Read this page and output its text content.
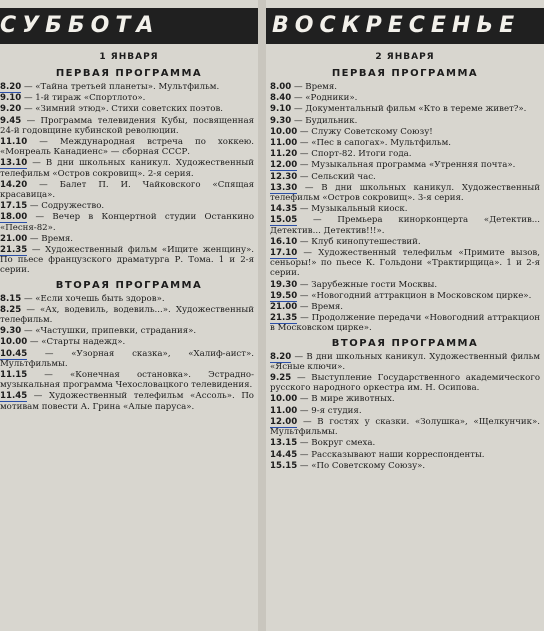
СУББОТА
1 ЯНВАРЯ
ПЕРВАЯ ПРОГРАММА
8.20 — «Тайна третьей планеты». Мультфильм.
9.10 — 1-й тираж «Спортлото».
9.20 — «Зимний этюд». Стихи советских поэтов.
9.45 — Программа телевидения Кубы, посвященная 24-й годовщине кубинской революции.
11.10 — Международная встреча по хоккею. «Монреаль Канадиенс» — сборная СССР.
13.10 — В дни школьных каникул. Художественный телефильм «Остров сокровищ». 2-я серия.
14.20 — Балет П. И. Чайковского «Спящая красавица».
17.15 — Содружество.
18.00 — Вечер в Концертной студии Останкино «Песня-82».
21.00 — Время.
21.35 — Художественный фильм «Ищите женщину». По пьесе французского драматурга Р. Тома. 1 и 2-я серии.
ВТОРАЯ ПРОГРАММА
8.15 — «Если хочешь быть здоров».
8.25 — «Ах, водевиль, водевиль...». Художественный телефильм.
9.30 — «Частушки, припевки, страдания».
10.00 — «Старты надежд».
10.45 — «Узорная сказка», «Халиф-аист». Мультфильмы.
11.15 — «Конечная остановка». Эстрадно-музыкальная программа Чехословацкого телевидения.
11.45 — Художественный телефильм «Ассоль». По мотивам повести А. Грина «Алые паруса».
ВОСКРЕСЕНЬЕ
2 ЯНВАРЯ
ПЕРВАЯ ПРОГРАММА
8.00 — Время.
8.40 — «Родники».
9.10 — Документальный фильм «Кто в тереме живет?».
9.30 — Будильник.
10.00 — Служу Советскому Союзу!
11.00 — «Пес в сапогах». Мультфильм.
11.20 — Спорт-82. Итоги года.
12.00 — Музыкальная программа «Утренняя почта».
12.30 — Сельский час.
13.30 — В дни школьных каникул. Художественный телефильм «Остров сокровищ». 3-я серия.
14.35 — Музыкальный киоск.
15.05 — Премьера кинорконцерта «Детектив... Детектив... Детектив!!!».
16.10 — Клуб кинопутешествий.
17.10 — Художественный телефильм «Примите вызов, сеньоры!» по пьесе К. Гольдони «Трактирщица». 1 и 2-я серии.
19.30 — Зарубежные гости Москвы.
19.50 — «Новогодний аттракцион в Московском цирке».
21.00 — Время.
21.35 — Продолжение передачи «Новогодний аттракцион в Московском цирке».
ВТОРАЯ ПРОГРАММА
8.20 — В дни школьных каникул. Художественный фильм «Ясные ключи».
9.25 — Выступление Государственного академического русского народного оркестра им. Н. Осипова.
10.00 — В мире животных.
11.00 — 9-я студия.
12.00 — В гостях у сказки. «Золушка», «Щелкунчик». Мультфильмы.
13.15 — Вокруг смеха.
14.45 — Рассказывают наши корреспонденты.
15.15 — «По Советскому Союзу».
